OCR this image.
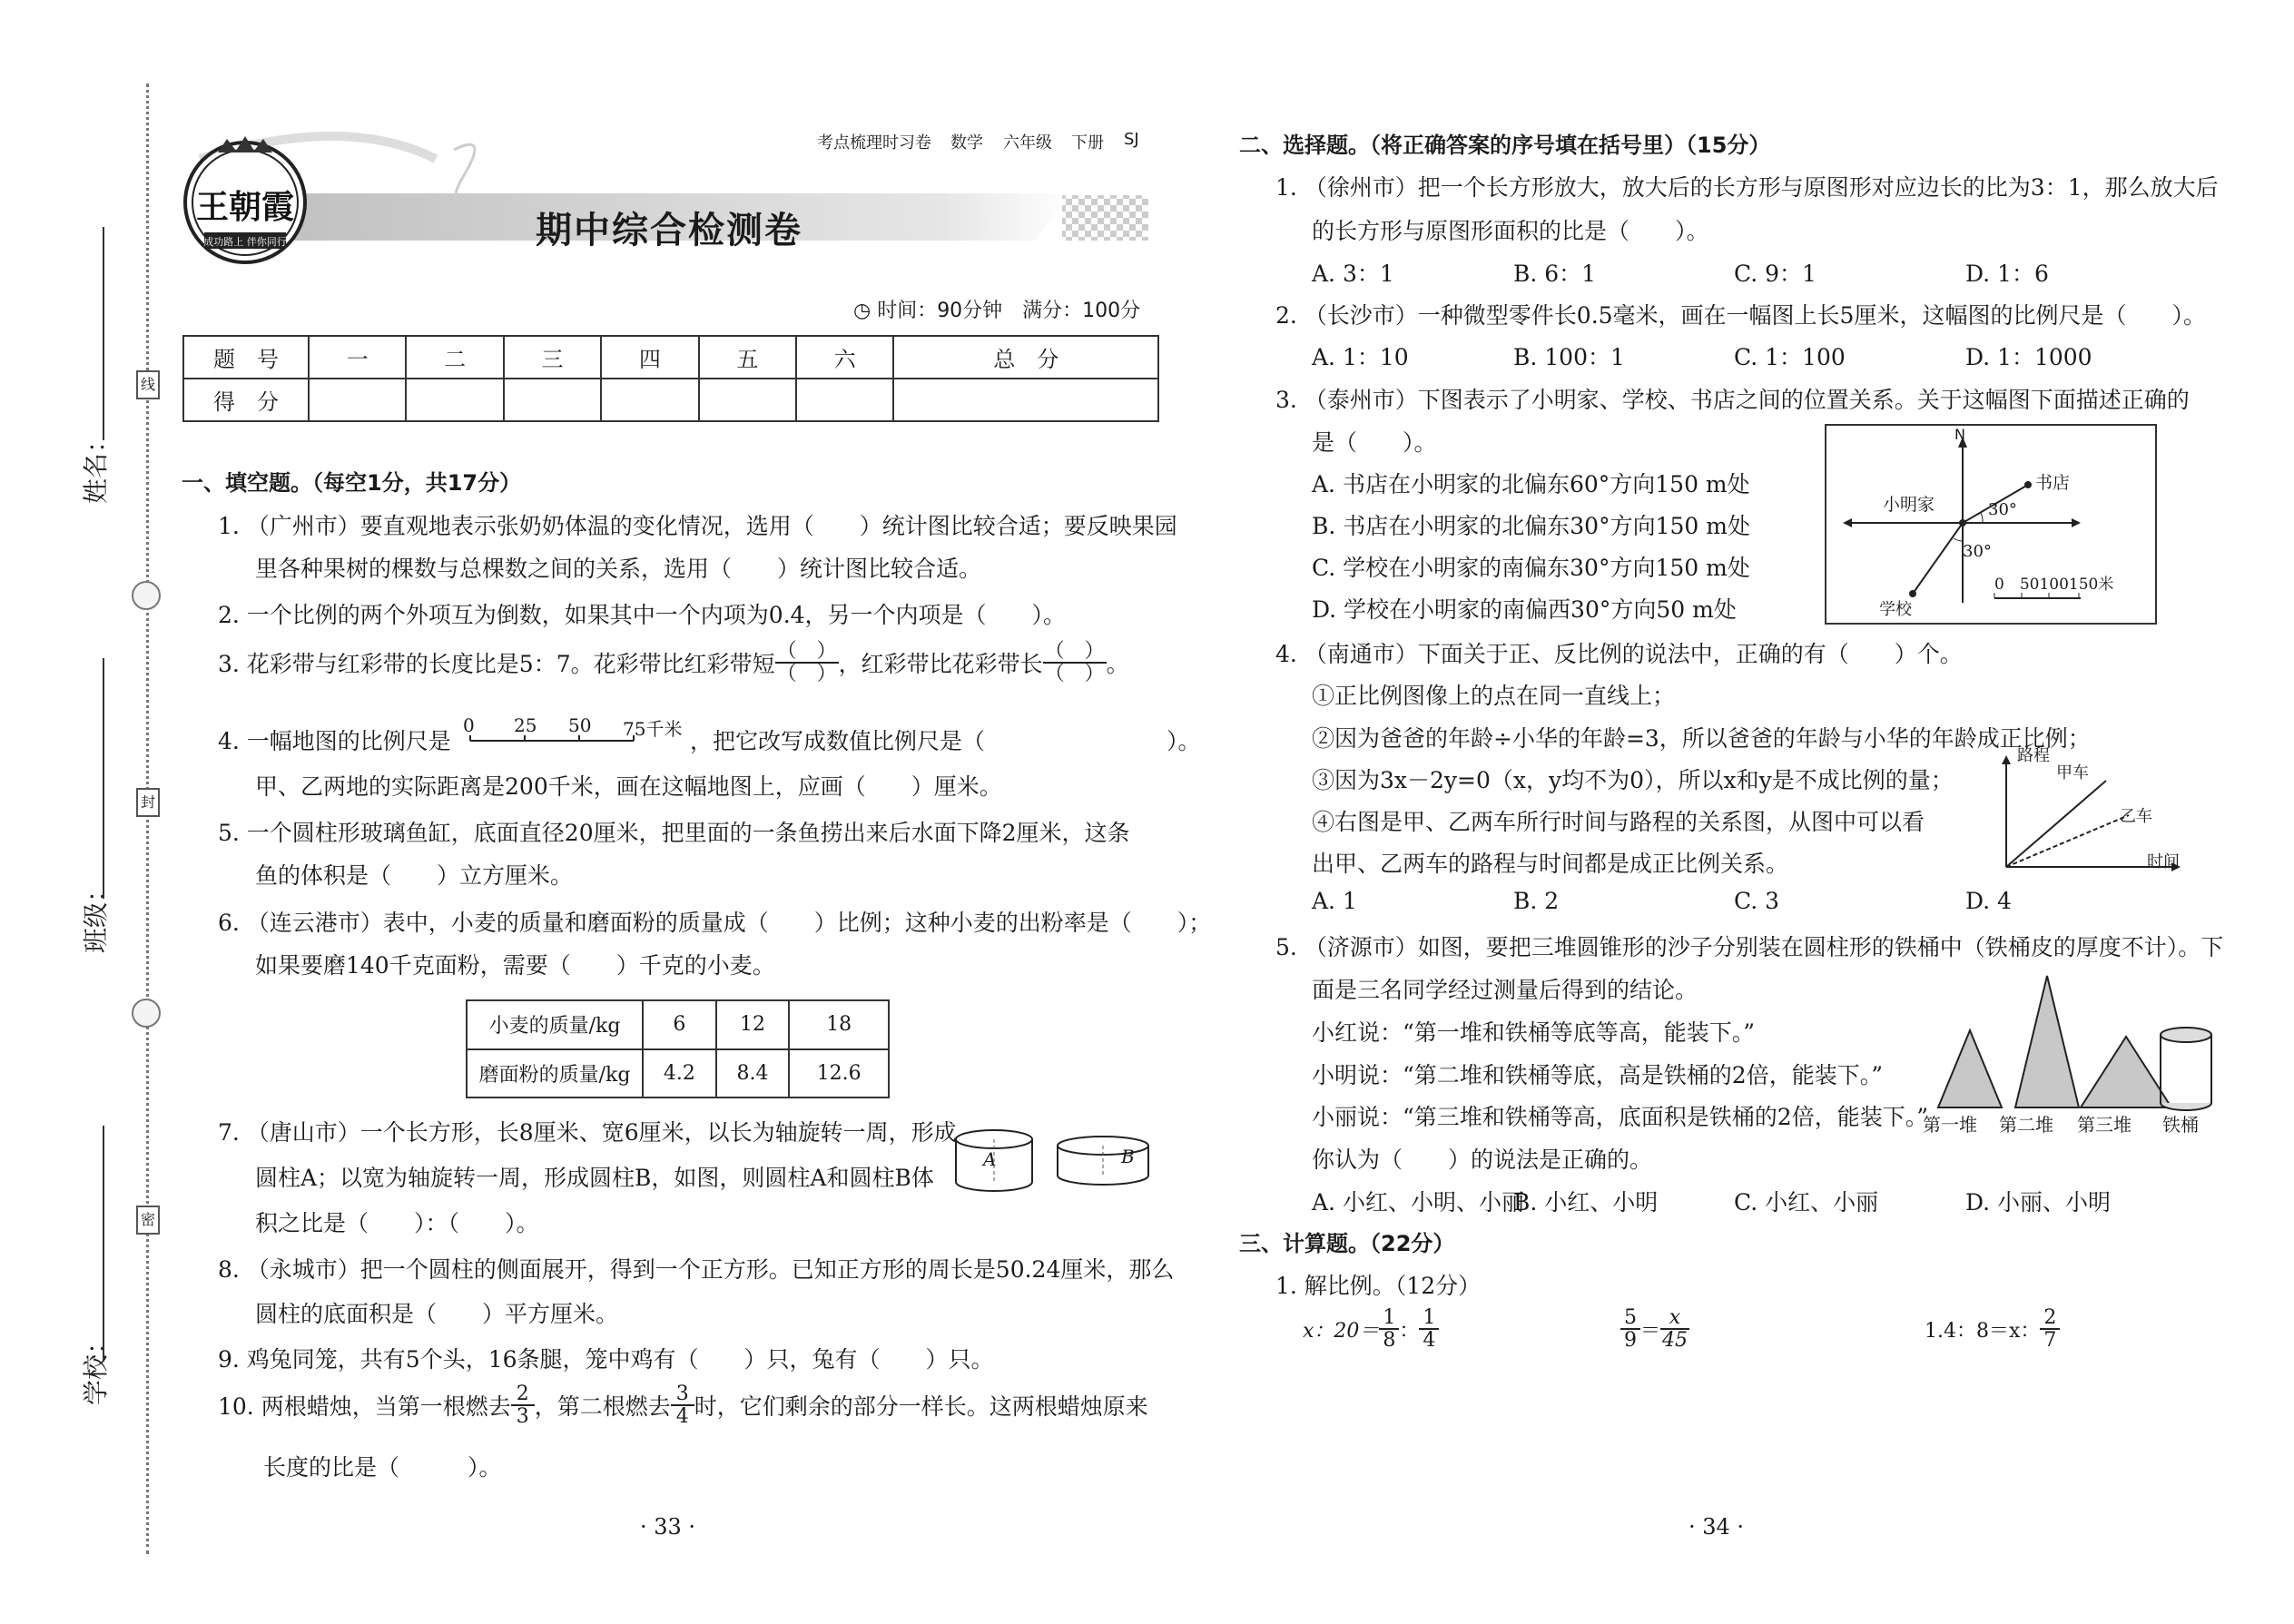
姓名：
班级：
学校：
线
封
密
王朝霞
成功路上 伴你同行
考点梳理时习卷 数学 六年级 下册 SJ
期中综合检测卷
◷ 时间：90分钟　满分：100分
题　号	一	二	三	四	五	六	总　分
得　分							
一、填空题。（每空1分，共17分）
1. （广州市）要直观地表示张奶奶体温的变化情况，选用（　　）统计图比较合适；要反映果园
里各种果树的棵数与总棵数之间的关系，选用（　　）统计图比较合适。
2. 一个比例的两个外项互为倒数，如果其中一个内项为0.4，另一个内项是（　　）。
3. 花彩带与红彩带的长度比是5：7。花彩带比红彩带短 $\frac{( )}{( )}$ ，红彩带比花彩带长 $\frac{( )}{( )}$ 。
4. 一幅地图的比例尺是
0 25 50 75千米 ，把它改写成数值比例尺是（　　　　　　　　）。
甲、乙两地的实际距离是200千米，画在这幅地图上，应画（　　）厘米。
5. 一个圆柱形玻璃鱼缸，底面直径20厘米，把里面的一条鱼捞出来后水面下降2厘米，这条
鱼的体积是（　　）立方厘米。
6. （连云港市）表中，小麦的质量和磨面粉的质量成（　　）比例；这种小麦的出粉率是（　　）；
如果要磨140千克面粉，需要（　　）千克的小麦。
小麦的质量/kg	6	12	18
磨面粉的质量/kg	4.2	8.4	12.6
7. （唐山市）一个长方形，长8厘米、宽6厘米，以长为轴旋转一周，形成
圆柱A；以宽为轴旋转一周，形成圆柱B，如图，则圆柱A和圆柱B体
积之比是（　　）：（　　）。
A	B
8. （永城市）把一个圆柱的侧面展开，得到一个正方形。已知正方形的周长是50.24厘米，那么
圆柱的底面积是（　　）平方厘米。
9. 鸡兔同笼，共有5个头，16条腿，笼中鸡有（　　）只，兔有（　　）只。
10. 两根蜡烛，当第一根燃去 $\frac{2}{3}$ ，第二根燃去 $\frac{3}{4}$ 时，它们剩余的部分一样长。这两根蜡烛原来
长度的比是（　　　）。
· 33 ·
二、选择题。（将正确答案的序号填在括号里）（15分）
1. （徐州市）把一个长方形放大，放大后的长方形与原图形对应边长的比为3：1，那么放大后
的长方形与原图形面积的比是（　　）。
A. 3：1	B. 6：1	C. 9：1	D. 1：6
2. （长沙市）一种微型零件长0.5毫米，画在一幅图上长5厘米，这幅图的比例尺是（　　）。
A. 1：10	B. 100：1	C. 1：100	D. 1：1000
3. （泰州市）下图表示了小明家、学校、书店之间的位置关系。关于这幅图下面描述正确的
是（　　）。
A. 书店在小明家的北偏东60°方向150 m处
B. 书店在小明家的北偏东30°方向150 m处
C. 学校在小明家的南偏东30°方向150 m处
D. 学校在小明家的南偏西30°方向50 m处
N
小明家
书店
学校
30°
30°
0　50100150米
4. （南通市）下面关于正、反比例的说法中，正确的有（　　）个。
①正比例图像上的点在同一直线上；
②因为爸爸的年龄÷小华的年龄=3，所以爸爸的年龄与小华的年龄成正比例；
③因为3x－2y=0（x，y均不为0），所以x和y是不成比例的量；
④右图是甲、乙两车所行时间与路程的关系图，从图中可以看
出甲、乙两车的路程与时间都是成正比例关系。
路程
时间
甲车
乙车
A. 1	B. 2	C. 3	D. 4
5. （济源市）如图，要把三堆圆锥形的沙子分别装在圆柱形的铁桶中（铁桶皮的厚度不计）。下
面是三名同学经过测量后得到的结论。
小红说：“第一堆和铁桶等底等高，能装下。”
小明说：“第二堆和铁桶等底，高是铁桶的2倍，能装下。”
小丽说：“第三堆和铁桶等高，底面积是铁桶的2倍，能装下。”
你认为（　　）的说法是正确的。
第一堆 第二堆 第三堆 铁桶
A. 小红、小明、小丽
B. 小红、小明	C. 小红、小丽	D. 小丽、小明
三、计算题。（22分）
1. 解比例。（12分）
x：$20= \frac{1}{8}$ ： $\frac{1}{4}$	$\frac{5}{9} = \frac{x}{45}$	1.4：8＝x： $\frac{2}{7}$
· 34 ·
